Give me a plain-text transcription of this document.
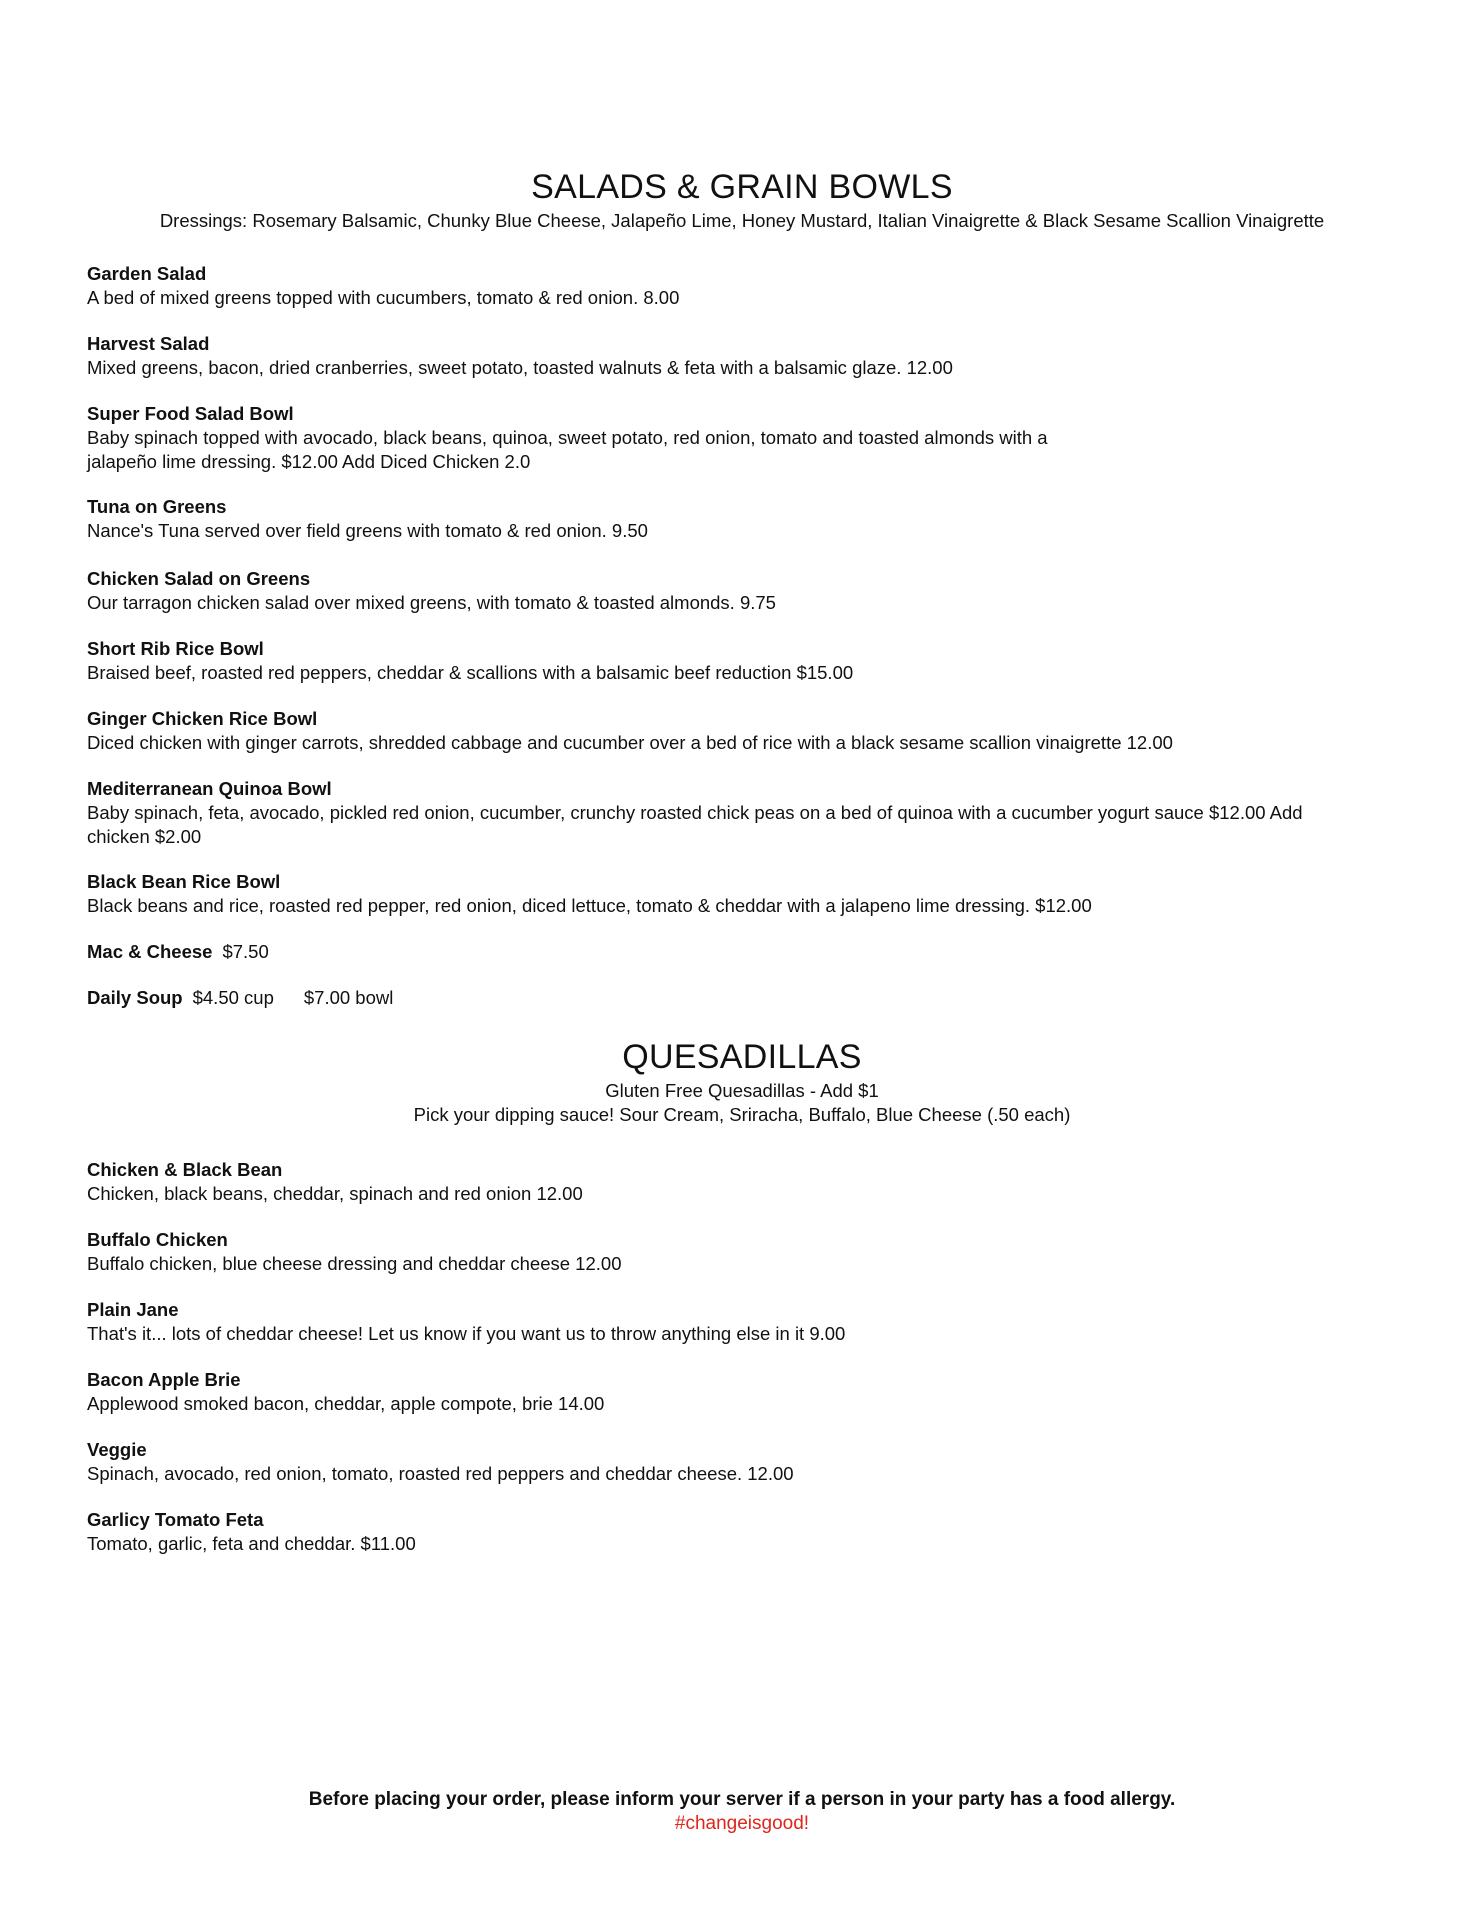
SALADS & GRAIN BOWLS

Dressings: Rosemary Balsamic, Chunky Blue Cheese, Jalapeño Lime, Honey Mustard, Italian Vinaigrette & Black Sesame Scallion Vinaigrette

Garden Salad
A bed of mixed greens topped with cucumbers, tomato & red onion. 8.00
Harvest Salad
Mixed greens, bacon, dried cranberries, sweet potato, toasted walnuts & feta with a balsamic glaze. 12.00
Super Food Salad Bowl
Baby spinach topped with avocado, black beans, quinoa, sweet potato, red onion, tomato and toasted almonds with a
jalapeño lime dressing. $12.00 Add Diced Chicken 2.0
Tuna on Greens
Nance's Tuna served over field greens with tomato & red onion. 9.50
Chicken Salad on Greens
Our tarragon chicken salad over mixed greens, with tomato & toasted almonds. 9.75
Short Rib Rice Bowl
Braised beef, roasted red peppers, cheddar & scallions with a balsamic beef reduction $15.00
Ginger Chicken Rice Bowl
Diced chicken with ginger carrots, shredded cabbage and cucumber over a bed of rice with a black sesame scallion vinaigrette 12.00
Mediterranean Quinoa Bowl
Baby spinach, feta, avocado, pickled red onion, cucumber, crunchy roasted chick peas on a bed of quinoa with a cucumber yogurt sauce $12.00 Add
chicken $2.00
Black Bean Rice Bowl
Black beans and rice, roasted red pepper, red onion, diced lettuce, tomato & cheddar with a jalapeno lime dressing. $12.00
Mac & Cheese $7.50
Daily Soup $4.50 cup $7.00 bowl
QUESADILLAS

Gluten Free Quesadillas - Add $1

Pick your dipping sauce! Sour Cream, Sriracha, Buffalo, Blue Cheese (.50 each)

Chicken & Black Bean
Chicken, black beans, cheddar, spinach and red onion 12.00
Buffalo Chicken
Buffalo chicken, blue cheese dressing and cheddar cheese 12.00
Plain Jane
That's it... lots of cheddar cheese! Let us know if you want us to throw anything else in it 9.00
Bacon Apple Brie
Applewood smoked bacon, cheddar, apple compote, brie 14.00
Veggie
Spinach, avocado, red onion, tomato, roasted red peppers and cheddar cheese. 12.00
Garlicy Tomato Feta
Tomato, garlic, feta and cheddar. $11.00
Before placing your order, please inform your server if a person in your party has a food allergy.
#changeisgood!
